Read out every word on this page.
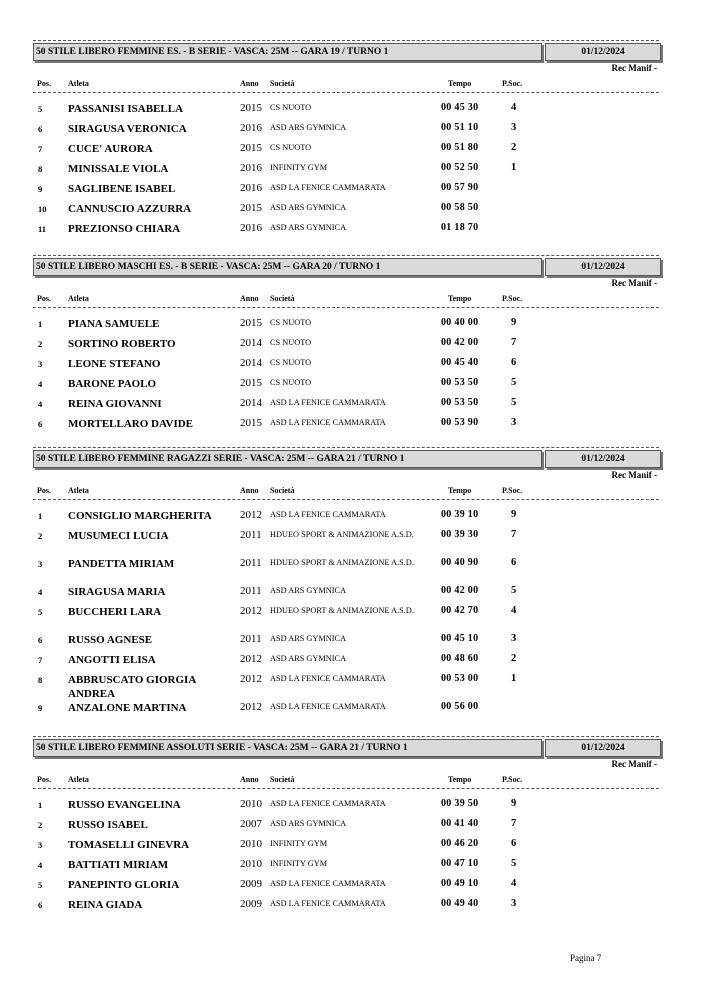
50 STILE LIBERO FEMMINE ES. - B SERIE - VASCA: 25M -- GARA 19 / TURNO 1	01/12/2024
Rec Manif -
Pos. Atleta	Anno Società	Tempo	P.Soc.
5 PASSANISI ISABELLA	2015 CS NUOTO	00 45 30	4
6 SIRAGUSA VERONICA	2016 ASD ARS GYMNICA	00 51 10	3
7 CUCE' AURORA	2015 CS NUOTO	00 51 80	2
8 MINISSALE VIOLA	2016 INFINITY GYM	00 52 50	1
9 SAGLIBENE ISABEL	2016 ASD LA FENICE CAMMARATA	00 57 90
10 CANNUSCIO AZZURRA	2015 ASD ARS GYMNICA	00 58 50
11 PREZIONSO CHIARA	2016 ASD ARS GYMNICA	01 18 70
50 STILE LIBERO MASCHI ES. - B SERIE - VASCA: 25M -- GARA 20 / TURNO 1	01/12/2024
Rec Manif -
Pos. Atleta	Anno Società	Tempo	P.Soc.
1 PIANA SAMUELE	2015 CS NUOTO	00 40 00	9
2 SORTINO ROBERTO	2014 CS NUOTO	00 42 00	7
3 LEONE STEFANO	2014 CS NUOTO	00 45 40	6
4 BARONE PAOLO	2015 CS NUOTO	00 53 50	5
4 REINA GIOVANNI	2014 ASD LA FENICE CAMMARATA	00 53 50	5
6 MORTELLARO DAVIDE	2015 ASD LA FENICE CAMMARATA	00 53 90	3
50 STILE LIBERO FEMMINE RAGAZZI SERIE - VASCA: 25M -- GARA 21 / TURNO 1	01/12/2024
Rec Manif -
Pos. Atleta	Anno Società	Tempo	P.Soc.
1 CONSIGLIO MARGHERITA	2012 ASD LA FENICE CAMMARATA	00 39 10	9
2 MUSUMECI LUCIA	2011 HDUEO SPORT & ANIMAZIONE A.S.D.	00 39 30	7
3 PANDETTA MIRIAM	2011 HDUEO SPORT & ANIMAZIONE A.S.D.	00 40 90	6
4 SIRAGUSA MARIA	2011 ASD ARS GYMNICA	00 42 00	5
5 BUCCHERI LARA	2012 HDUEO SPORT & ANIMAZIONE A.S.D.	00 42 70	4
6 RUSSO AGNESE	2011 ASD ARS GYMNICA	00 45 10	3
7 ANGOTTI ELISA	2012 ASD ARS GYMNICA	00 48 60	2
8 ABBRUSCATO GIORGIA ANDREA
2012 ASD LA FENICE CAMMARATA	00 53 00	1
9 ANZALONE MARTINA	2012 ASD LA FENICE CAMMARATA	00 56 00
50 STILE LIBERO FEMMINE ASSOLUTI SERIE - VASCA: 25M -- GARA 21 / TURNO 1	01/12/2024
Rec Manif -
Pos. Atleta	Anno Società	Tempo	P.Soc.
1 RUSSO EVANGELINA	2010 ASD LA FENICE CAMMARATA	00 39 50	9
2 RUSSO ISABEL	2007 ASD ARS GYMNICA	00 41 40	7
3 TOMASELLI GINEVRA	2010 INFINITY GYM	00 46 20	6
4 BATTIATI MIRIAM	2010 INFINITY GYM	00 47 10	5
5 PANEPINTO GLORIA	2009 ASD LA FENICE CAMMARATA	00 49 10	4
6 REINA GIADA	2009 ASD LA FENICE CAMMARATA	00 49 40	3
Pagina 7
